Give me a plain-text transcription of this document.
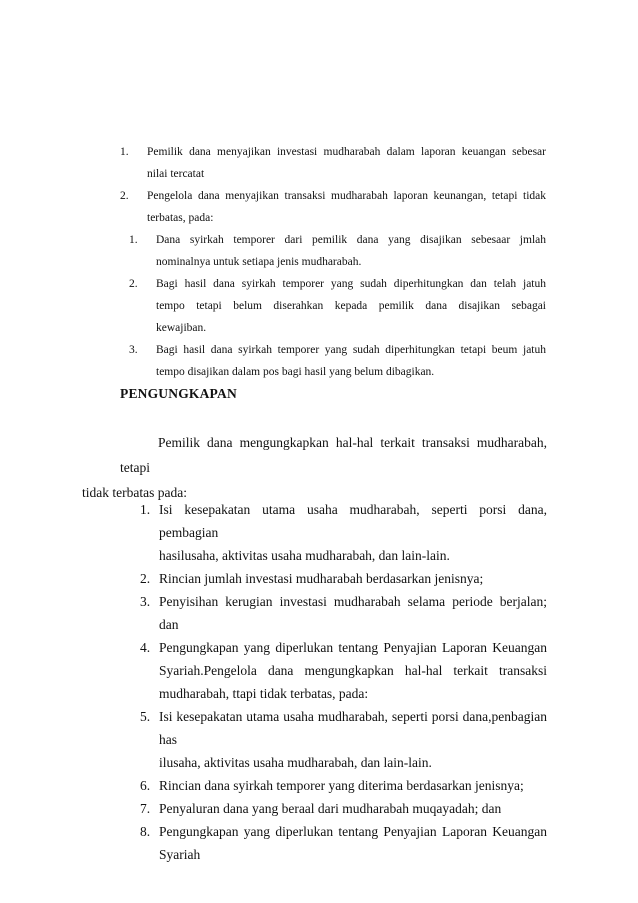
1. Pemilik dana menyajikan investasi mudharabah dalam laporan keuangan sebesar
nilai tercatat
2. Pengelola dana menyajikan transaksi mudharabah laporan keunangan, tetapi tidak
terbatas, pada:
1. Dana syirkah temporer dari pemilik dana yang disajikan sebesaar jmlah
nominalnya untuk setiapa jenis mudharabah.
2. Bagi hasil dana syirkah temporer yang sudah diperhitungkan dan telah jatuh
tempo tetapi belum diserahkan kepada pemilik dana disajikan sebagai
kewajiban.
3. Bagi hasil dana syirkah temporer yang sudah diperhitungkan tetapi beum jatuh
tempo disajikan dalam pos bagi hasil yang belum dibagikan.
PENGUNGKAPAN
Pemilik dana mengungkapkan hal-hal terkait transaksi mudharabah, tetapi
tidak terbatas pada:
1. Isi kesepakatan utama usaha mudharabah, seperti porsi dana, pembagian
hasilusaha, aktivitas usaha mudharabah, dan lain-lain.
2. Rincian jumlah investasi mudharabah berdasarkan jenisnya;
3. Penyisihan kerugian investasi mudharabah selama periode berjalan; dan
4. Pengungkapan yang diperlukan tentang Penyajian Laporan Keuangan
Syariah.Pengelola dana mengungkapkan hal-hal terkait transaksi
mudharabah, ttapi tidak terbatas, pada:
5. Isi kesepakatan utama usaha mudharabah, seperti porsi dana,penbagian has
ilusaha, aktivitas usaha mudharabah, dan lain-lain.
6. Rincian dana syirkah temporer yang diterima berdasarkan jenisnya;
7. Penyaluran dana yang beraal dari mudharabah muqayadah; dan
8. Pengungkapan yang diperlukan tentang Penyajian Laporan Keuangan
Syariah
